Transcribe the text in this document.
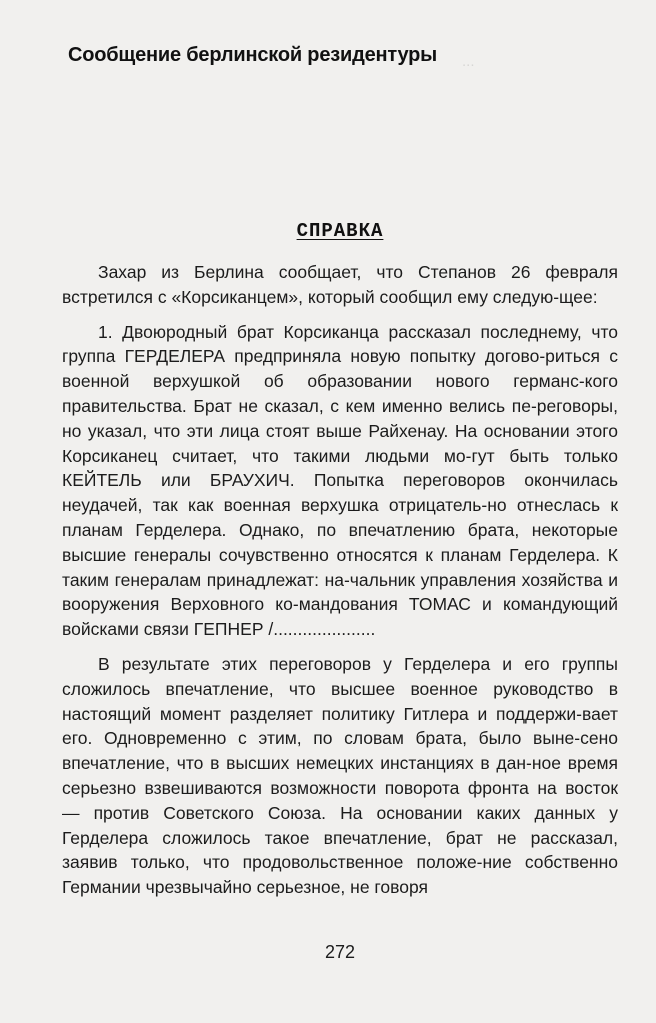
...

Сообщение берлинской резидентуры
СПРАВКА

Захар из Берлина сообщает, что Степанов 26 февраля встретился с «Корсиканцем», который сообщил ему следую-щее:

1. Двоюродный брат Корсиканца рассказал последнему, что группа ГЕРДЕЛЕРА предприняла новую попытку догово-риться с военной верхушкой об образовании нового германс-кого правительства. Брат не сказал, с кем именно велись пе-реговоры, но указал, что эти лица стоят выше Райхенау. На основании этого Корсиканец считает, что такими людьми мо-гут быть только КЕЙТЕЛЬ или БРАУХИЧ. Попытка переговоров окончилась неудачей, так как военная верхушка отрицатель-но отнеслась к планам Герделера. Однако, по впечатлению брата, некоторые высшие генералы сочувственно относятся к планам Герделера. К таким генералам принадлежат: на-чальник управления хозяйства и вооружения Верховного ко-мандования ТОМАС и командующий войсками связи ГЕПНЕР /.....................

В результате этих переговоров у Герделера и его группы сложилось впечатление, что высшее военное руководство в настоящий момент разделяет политику Гитлера и поддержи-вает его. Одновременно с этим, по словам брата, было выне-сено впечатление, что в высших немецких инстанциях в дан-ное время серьезно взвешиваются возможности поворота фронта на восток — против Советского Союза. На основании каких данных у Герделера сложилось такое впечатление, брат не рассказал, заявив только, что продовольственное положе-ние собственно Германии чрезвычайно серьезное, не говоря

272
